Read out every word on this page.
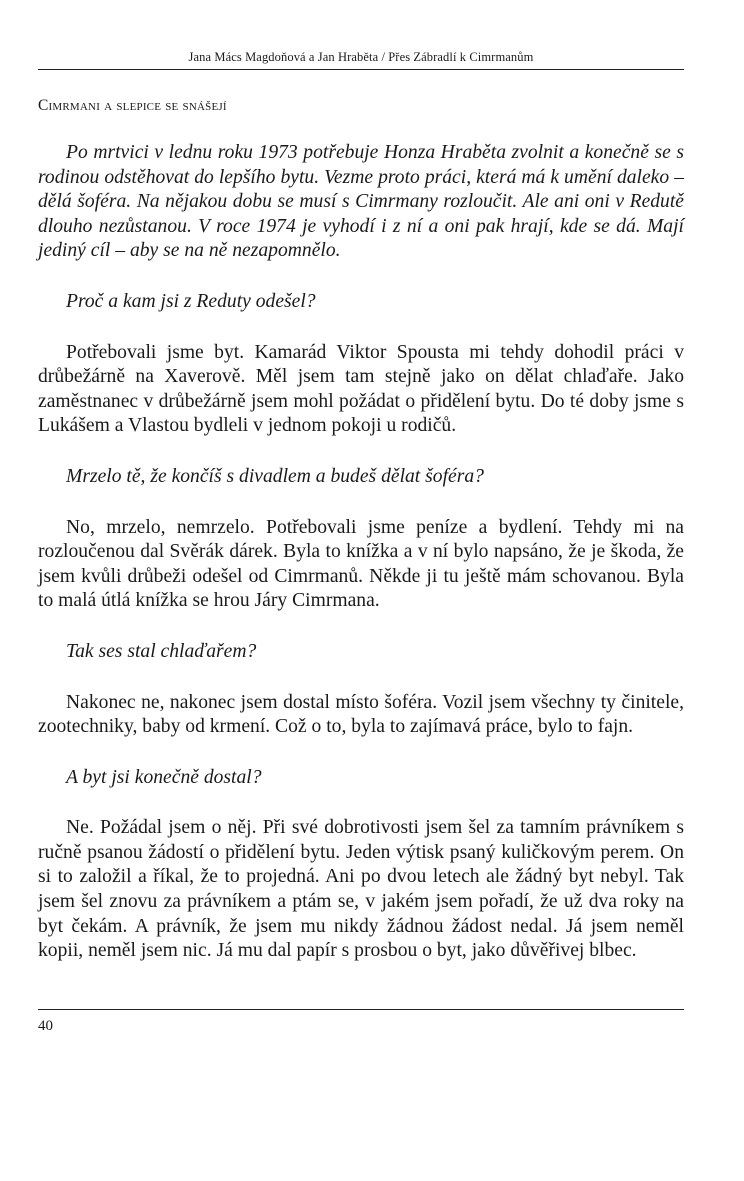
Jana Mács Magdoňová a Jan Hraběta / Přes Zábradlí k Cimrmanům
Cimrmani a slepice se snášejí

Po mrtvici v lednu roku 1973 potřebuje Honza Hraběta zvolnit a konečně se s rodinou odstěhovat do lepšího bytu. Vezme proto práci, která má k umění daleko – dělá šoféra. Na nějakou dobu se musí s Cimrmany rozloučit. Ale ani oni v Redutě dlouho nezůstanou. V roce 1974 je vyhodí i z ní a oni pak hrají, kde se dá. Mají jediný cíl – aby se na ně nezapomnělo.

Proč a kam jsi z Reduty odešel?

Potřebovali jsme byt. Kamarád Viktor Spousta mi tehdy dohodil práci v drůbežárně na Xaverově. Měl jsem tam stejně jako on dělat chlaďaře. Jako zaměstnanec v drůbežárně jsem mohl požádat o přidělení bytu. Do té doby jsme s Lukášem a Vlastou bydleli v jednom pokoji u rodičů.

Mrzelo tě, že končíš s divadlem a budeš dělat šoféra?

No, mrzelo, nemrzelo. Potřebovali jsme peníze a bydlení. Tehdy mi na rozloučenou dal Svěrák dárek. Byla to knížka a v ní bylo napsáno, že je škoda, že jsem kvůli drůbeži odešel od Cimrmanů. Někde ji tu ještě mám schovanou. Byla to malá útlá knížka se hrou Járy Cimrmana.

Tak ses stal chlaďařem?

Nakonec ne, nakonec jsem dostal místo šoféra. Vozil jsem všechny ty činitele, zootechniky, baby od krmení. Což o to, byla to zajímavá práce, bylo to fajn.

A byt jsi konečně dostal?

Ne. Požádal jsem o něj. Při své dobrotivosti jsem šel za tamním právníkem s ručně psanou žádostí o přidělení bytu. Jeden výtisk psaný kuličkovým perem. On si to založil a říkal, že to projedná. Ani po dvou letech ale žádný byt nebyl. Tak jsem šel znovu za právníkem a ptám se, v jakém jsem pořadí, že už dva roky na byt čekám. A právník, že jsem mu nikdy žádnou žádost nedal. Já jsem neměl kopii, neměl jsem nic. Já mu dal papír s prosbou o byt, jako důvěřivej blbec.

40
